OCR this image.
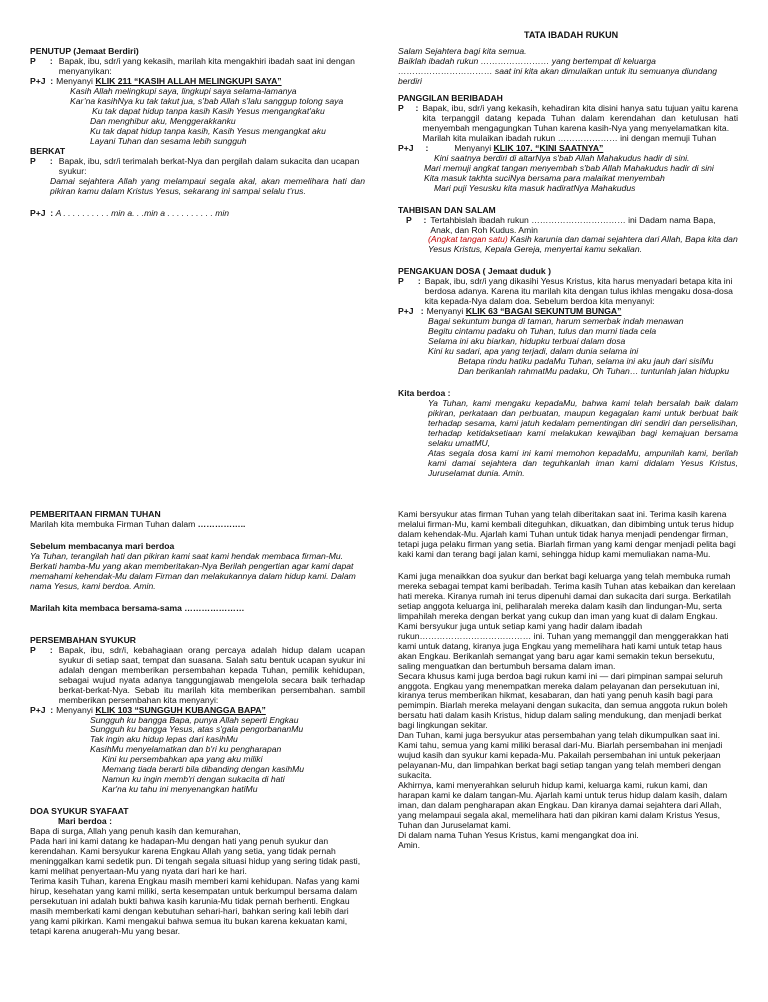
TATA IBADAH RUKUN
PENUTUP (Jemaat Berdiri)
P      : Bapak, ibu, sdr/i yang kekasih, marilah kita mengakhiri ibadah saat ini dengan menyanyikan:
P+J  : Menyanyi KLIK 211 “KASIH ALLAH MELINGKUPI SAYA”
Kasih Allah melingkupi saya, lingkupi saya selama-lamanya
Kar’na kasihNya ku tak takut jua, s’bab Allah s’lalu sanggup tolong saya
Ku tak dapat hidup tanpa kasih Kasih Yesus mengangkat'aku
Dan menghibur aku, Menggerakkanku
Ku tak dapat hidup tanpa kasih, Kasih Yesus mengangkat aku
Layani Tuhan dan sesama lebih sungguh
BERKAT
P      : Bapak, ibu, sdr/i terimalah berkat-Nya dan pergilah dalam sukacita dan ucapan syukur:
Damai sejahtera Allah yang melampaui segala akal, akan memelihara hati dan pikiran kamu dalam Kristus Yesus, sekarang ini sampai selalu t’rus.
P+J  : A . . . . . . . . . . min a. . .min a . . . . . . . . . . min
Salam Sejahtera bagi kita semua.
Baiklah ibadah rukun …………………… yang bertempat di keluarga
…………………………… saat ini kita akan dimulaikan untuk itu semuanya diundang berdiri
PANGGILAN BERIBADAH
P     : Bapak, ibu, sdr/i yang kekasih, kehadiran kita disini hanya satu tujuan yaitu karena kita terpanggil datang kepada Tuhan dalam kerendahan dan ketulusan hati menyembah mengagungkan Tuhan karena kasih-Nya yang menyelamatkan kita.
Marilah kita mulaikan ibadah rukun ………………… ini dengan memuji Tuhan
P+J     :	Menyanyi KLIK 107. “KINI SAATNYA”
Kini saatnya berdiri di altarNya s'bab Allah Mahakudus hadir di sini.
Mari memuji angkat tangan menyembah s'bab Allah Mahakudus hadir di sini
Kita masuk takhta suciNya bersama para malaikat menyembah
Mari puji Yesusku kita masuk hadiratNya Mahakudus
TAHBISAN DAN SALAM
P     : Tertahbislah ibadah rukun …………………………… ini Dadam nama Bapa, Anak, dan Roh Kudus. Amin
(Angkat tangan satu) Kasih karunia dan damai sejahtera dari Allah, Bapa kita dan Yesus Kristus, Kepala Gereja, menyertai kamu sekalian.
PENGAKUAN DOSA ( Jemaat duduk )
P      : Bapak, ibu, sdr/i yang dikasihi Yesus Kristus, kita harus menyadari betapa kita ini berdosa adanya. Karena itu marilah kita dengan tulus ikhlas mengaku dosa-dosa kita kepada-Nya dalam doa. Sebelum berdoa kita menyanyi:
P+J   : Menyanyi KLIK 63 “BAGAI SEKUNTUM BUNGA”
Bagai sekuntum bunga di taman, harum semerbak indah menawan
Begitu cintamu padaku oh Tuhan, tulus dan murni tiada cela
Selama ini aku biarkan, hidupku terbuai dalam dosa
Kini ku sadari, apa yang terjadi, dalam dunia selama ini
Betapa rindu hatiku padaMu Tuhan, selama ini aku jauh dari sisiMu
Dan berikanlah rahmatMu padaku, Oh Tuhan… tuntunlah jalan hidupku
Kita berdoa :
Ya Tuhan, kami mengaku kepadaMu, bahwa kami telah bersalah baik dalam pikiran, perkataan dan perbuatan, maupun kegagalan kami untuk berbuat baik terhadap sesama, kami jatuh kedalam pementingan diri sendiri dan perselisihan, terhadap ketidaksetiaan kami melakukan kewajiban bagi kemajuan bersama selaku umatMU,
Atas segala dosa kami ini kami memohon kepadaMu, ampunilah kami, berilah kami damai sejahtera dan teguhkanlah iman kami didalam Yesus Kristus, Juruselamat dunia. Amin.
PEMBERITAAN FIRMAN TUHAN
Marilah kita membuka Firman Tuhan dalam ……………..
Sebelum membacanya mari berdoa
Ya Tuhan, terangilah hati dan pikiran kami saat kami hendak membaca firman-Mu. Berkati hamba-Mu yang akan memberitakan-Nya Berilah pengertian agar kami dapat memahami kehendak-Mu dalam Firman dan melakukannya dalam hidup kami. Dalam nama Yesus, kami berdoa. Amin.
Marilah kita membaca bersama-sama …………………
PERSEMBAHAN SYUKUR
P      : Bapak, ibu, sdr/i, kebahagiaan orang percaya adalah hidup dalam ucapan syukur di setiap saat, tempat dan suasana. Salah satu bentuk ucapan syukur ini adalah dengan memberikan persembahan kepada Tuhan, pemilik kehidupan, sebagai wujud nyata adanya tanggungjawab mengelola secara baik terhadap berkat-berkat-Nya. Sebab itu marilah kita memberikan persembahan. sambil memberikan persembahan kita menyanyi:
P+J  : Menyanyi KLIK 103 “SUNGGUH KUBANGGA BAPA”
Sungguh ku bangga Bapa, punya Allah seperti Engkau
Sungguh ku bangga Yesus, atas s'gala pengorbananMu
Tak ingin aku hidup lepas dari kasihMu
KasihMu menyelamatkan dan b'ri ku pengharapan
Kini ku persembahkan apa yang aku miliki
Memang tiada berarti bila dibanding dengan kasihMu
Namun ku ingin memb'ri dengan sukacita di hati
Kar'na ku tahu ini menyenangkan hatiMu
DOA SYUKUR SYAFAAT
Mari berdoa :

Bapa di surga, Allah yang penuh kasih dan kemurahan,

Pada hari ini kami datang ke hadapan-Mu dengan hati yang penuh syukur dan kerendahan. Kami bersyukur karena Engkau Allah yang setia, yang tidak pernah meninggalkan kami sedetik pun. Di tengah segala situasi hidup yang sering tidak pasti, kami melihat penyertaan-Mu yang nyata dari hari ke hari.

Terima kasih Tuhan, karena Engkau masih memberi kami kehidupan. Nafas yang kami hirup, kesehatan yang kami miliki, serta kesempatan untuk berkumpul bersama dalam persekutuan ini adalah bukti bahwa kasih karunia-Mu tidak pernah berhenti. Engkau masih memberkati kami dengan kebutuhan sehari-hari, bahkan sering kali lebih dari yang kami pikirkan. Kami mengakui bahwa semua itu bukan karena kekuatan kami, tetapi karena anugerah-Mu yang besar.

Kami bersyukur atas firman Tuhan yang telah diberitakan saat ini. Terima kasih karena melalui firman-Mu, kami kembali diteguhkan, dikuatkan, dan dibimbing untuk terus hidup dalam kehendak-Mu. Ajarlah kami Tuhan untuk tidak hanya menjadi pendengar firman, tetapi juga pelaku firman yang setia. Biarlah firman yang kami dengar menjadi pelita bagi kaki kami dan terang bagi jalan kami, sehingga hidup kami memuliakan nama-Mu.

Kami juga menaikkan doa syukur dan berkat bagi keluarga yang telah membuka rumah mereka sebagai tempat kami beribadah. Terima kasih Tuhan atas kebaikan dan kerelaan hati mereka. Kiranya rumah ini terus dipenuhi damai dan sukacita dari surga. Berkatilah setiap anggota keluarga ini, peliharalah mereka dalam kasih dan lindungan-Mu, serta limpahilah mereka dengan berkat yang cukup dan iman yang kuat di dalam Engkau.

Kami bersyukur juga untuk setiap kami yang hadir dalam ibadah rukun………………………………… ini. Tuhan yang memanggil dan menggerakkan hati kami untuk datang, kiranya juga Engkau yang memelihara hati kami untuk tetap haus akan Engkau. Berikanlah semangat yang baru agar kami semakin tekun bersekutu, saling menguatkan dan bertumbuh bersama dalam iman.

Secara khusus kami juga berdoa bagi rukun kami ini — dari pimpinan sampai seluruh anggota. Engkau yang menempatkan mereka dalam pelayanan dan persekutuan ini, kiranya terus memberikan hikmat, kesabaran, dan hati yang penuh kasih bagi para pemimpin. Biarlah mereka melayani dengan sukacita, dan semua anggota rukun boleh bersatu hati dalam kasih Kristus, hidup dalam saling mendukung, dan menjadi berkat bagi lingkungan sekitar.

Dan Tuhan, kami juga bersyukur atas persembahan yang telah dikumpulkan saat ini. Kami tahu, semua yang kami miliki berasal dari-Mu. Biarlah persembahan ini menjadi wujud kasih dan syukur kami kepada-Mu. Pakailah persembahan ini untuk pekerjaan pelayanan-Mu, dan limpahkan berkat bagi setiap tangan yang telah memberi dengan sukacita.

Akhirnya, kami menyerahkan seluruh hidup kami, keluarga kami, rukun kami, dan harapan kami ke dalam tangan-Mu. Ajarlah kami untuk terus hidup dalam kasih, dalam iman, dan dalam pengharapan akan Engkau. Dan kiranya damai sejahtera dari Allah, yang melampaui segala akal, memelihara hati dan pikiran kami dalam Kristus Yesus, Tuhan dan Juruselamat kami.

Di dalam nama Tuhan Yesus Kristus, kami mengangkat doa ini.

Amin.
